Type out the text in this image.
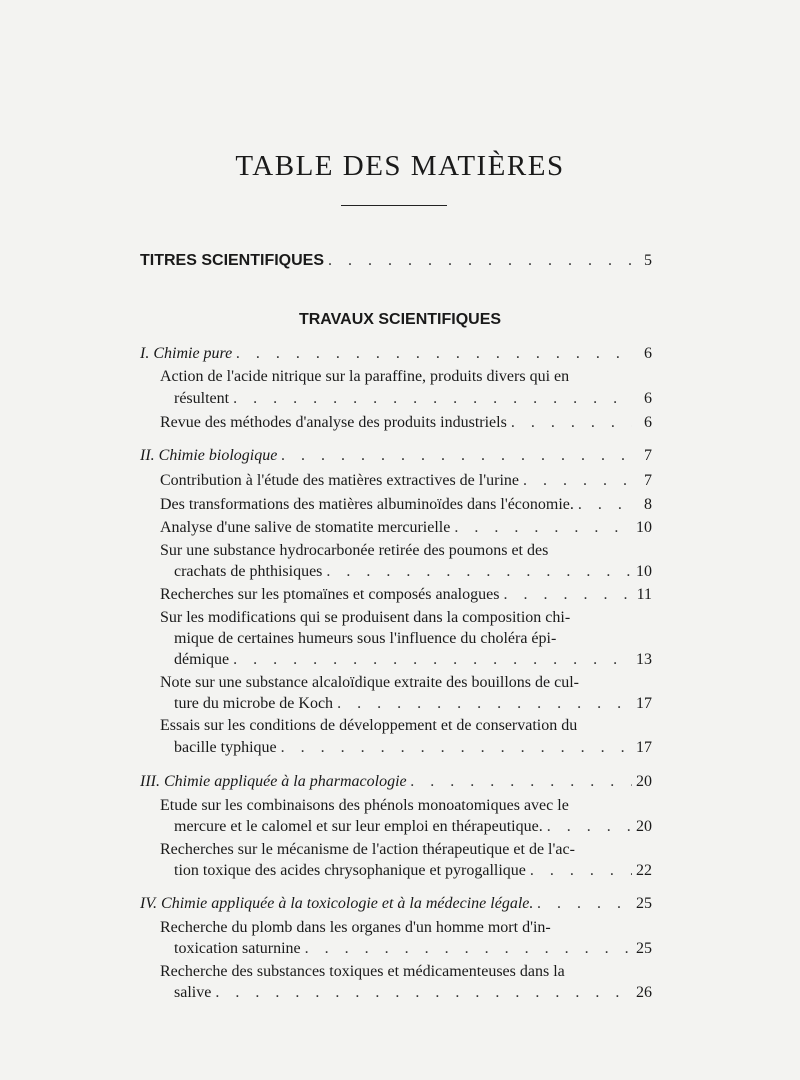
TABLE DES MATIÈRES
TITRES SCIENTIFIQUES . . .	5
TRAVAUX SCIENTIFIQUES
I. Chimie pure . . .	6
Action de l'acide nitrique sur la paraffine, produits divers qui en
résultent . . .	6
Revue des méthodes d'analyse des produits industriels . . .	6
II. Chimie biologique . . .	7
Contribution à l'étude des matières extractives de l'urine . . .	7
Des transformations des matières albuminoïdes dans l'économie. . . .	8
Analyse d'une salive de stomatite mercurielle . . .	10
Sur une substance hydrocarbonée retirée des poumons et des
crachats de phthisiques . . .	10
Recherches sur les ptomaïnes et composés analogues . . .	11
Sur les modifications qui se produisent dans la composition chi-
mique de certaines humeurs sous l'influence du choléra épi-
démique . . .	13
Note sur une substance alcaloïdique extraite des bouillons de cul-
ture du microbe de Koch . . .	17
Essais sur les conditions de développement et de conservation du
bacille typhique . . .	17
III. Chimie appliquée à la pharmacologie . . .	20
Etude sur les combinaisons des phénols monoatomiques avec le
mercure et le calomel et sur leur emploi en thérapeutique. . . .	20
Recherches sur le mécanisme de l'action thérapeutique et de l'ac-
tion toxique des acides chrysophanique et pyrogallique . . .	22
IV. Chimie appliquée à la toxicologie et à la médecine légale. . . .	25
Recherche du plomb dans les organes d'un homme mort d'in-
toxication saturnine . . .	25
Recherche des substances toxiques et médicamenteuses dans la
salive . . .	26
